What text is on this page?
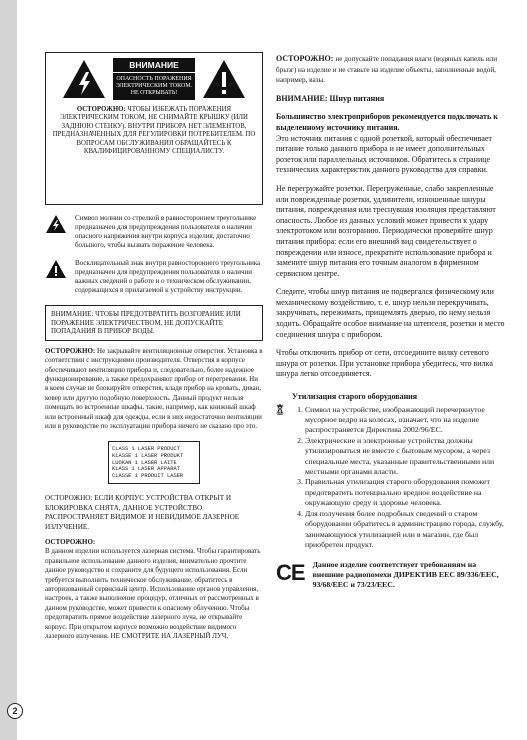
2
ВНИМАНИЕ
ОПАСНОСТЬ ПОРАЖЕНИЯ ЭЛЕКТРИЧЕСКИМ ТОКОМ. НЕ ОТКРЫВАТЬ!
ОСТОРОЖНО: ЧТОБЫ ИЗБЕЖАТЬ ПОРАЖЕНИЯ ЭЛЕКТРИЧЕСКИМ ТОКОМ, НЕ СНИМАЙТЕ КРЫШКУ (ИЛИ ЗАДНЮЮ СТЕНКУ). ВНУТРИ ПРИБОРА НЕТ ЭЛЕМЕНТОВ, ПРЕДНАЗНАЧЕННЫХ ДЛЯ РЕГУЛИРОВКИ ПОТРЕБИТЕЛЕМ. ПО ВОПРОСАМ ОБСЛУЖИВАНИЯ ОБРАЩАЙТЕСЬ К КВАЛИФИЦИРОВАННОМУ СПЕЦИАЛИСТУ.
Символ молнии со стрелкой в равностороннем треугольнике предназначен для предупреждения пользователя о наличии опасного напряжения внутри корпуса изделия, достаточно большого, чтобы вызвать поражение человека.
Восклицательный знак внутри равностороннего треугольника предназначен для предупреждения пользователя о наличии важных сведений о работе и о техническом обслуживании, содержащихся в прилагаемой к устройству инструкции.
ВНИМАНИЕ: ЧТОБЫ ПРЕДОТВРАТИТЬ ВОЗГОРАНИЕ ИЛИ ПОРАЖЕНИЕ ЭЛЕКТРИЧЕСТВОМ, НЕ ДОПУСКАЙТЕ ПОПАДАНИЯ В ПРИБОР ВОДЫ.
ОСТОРОЖНО: Не закрывайте вентиляционные отверстия. Установка в соответствии с инструкциями производителя. Отверстия в корпусе обеспечивают вентиляцию прибора и, следовательно, более надежное функционирование, а также предохраняют прибор от перегревания. Ни в коем случае не блокируйте отверстия, кладя прибор на кровать, диван, ковер или другую подобную поверхность. Данный продукт нельзя помещать во встроенные шкафы, такие, например, как книжный шкаф или встроенный шкаф для одежды, если в них недостаточно вентиляции или в руководстве по эксплуатации прибора ничего не сказано про это.
CLASS 1 LASER PRODUCT
KLASSE 1 LASER PRODUKT
LUOKAN 1 LASER LAITE
KLASS 1 LASER APPARAT
CLASSE 1 PRODUIT LASER
ОСТОРОЖНО: ЕСЛИ КОРПУС УСТРОЙСТВА ОТКРЫТ И БЛОКИРОВКА СНЯТА, ДАННОЕ УСТРОЙСТВО РАСПРОСТРАНЯЕТ ВИДИМОЕ И НЕВИДИМОЕ ЛАЗЕРНОЕ ИЗЛУЧЕНИЕ.
ОСТОРОЖНО:
В данном изделии используется лазерная система. Чтобы гарантировать правильное использование данного изделия, внимательно прочтите данное руководство и сохраните для будущего использования. Если требуется выполнить техническое обслуживание, обратитесь в авторизованный сервисный центр. Использование органов управления, настроек, а также выполнение процедур, отличных от рассмотренных в данном руководстве, может привести к опасному облучению. Чтобы предотвратить прямое воздействие лазерного луча, не открывайте корпус. При открытом корпусе возможно воздействие видимого лазерного излучения. НЕ СМОТРИТЕ НА ЛАЗЕРНЫЙ ЛУЧ.
ОСТОРОЖНО: не допускайте попадания влаги (водяных капель или брызг) на изделие и не ставьте на изделие объекты, заполненные водой, например, вазы.
ВНИМАНИЕ: Шнур питания
Большинство электроприборов рекомендуется подключать к выделенному источнику питания.
Это источник питания с одной розеткой, который обеспечивает питание только данного прибора и не имеет дополнительных розеток или параллельных источников. Обратитесь к странице технических характеристик данного руководства для справки.
Не перегружайте розетки. Перегруженные, слабо закрепленные или поврежденные розетки, удлинители, изношенные шнуры питания, поврежденная или треснувшая изоляция представляют опасность. Любое из данных условий может привести к удару электротоком или возгоранию. Периодически проверяйте шнур питания прибора: если его внешний вид свидетельствует о повреждении или износе, прекратите использование прибора и замените шнур питания его точным аналогом в фирменном сервисном центре.
Следите, чтобы шнур питания не подвергался физическому или механическому воздействию, т. е. шнур нельзя перекручивать, закручивать, пережимать, прищемлять дверью, по нему нельзя ходить. Обращайте особое внимание на штепселя, розетки и место соединения шнура с прибором.
Чтобы отключить прибор от сети, отсоедините вилку сетевого шнура от розетки. При установке прибора убедитесь, что вилка шнура легко отсоединяется.
Утилизация старого оборудования
1. Символ на устройстве, изображающий перечеркнутое мусорное ведро на колесах, означает, что на изделие распространяется Директива 2002/96/EC.
2. Электрические и электронные устройства должны утилизироваться не вместе с бытовым мусором, а через специальные места, указанные правительственными или местными органами власти.
3. Правильная утилизация старого оборудования поможет предотвратить потенциально вредное воздействие на окружающую среду и здоровье человека.
4. Для получения более подробных сведений о старом оборудовании обратитесь в администрацию города, службу, занимающуюся утилизацией или в магазин, где был приобретен продукт.
CE Данное изделие соответствует требованиям на внешние радиопомехи ДИРЕКТИВ ЕЕС 89/336/ЕЕС, 93/68/ЕЕС и 73/23/ЕЕС.
